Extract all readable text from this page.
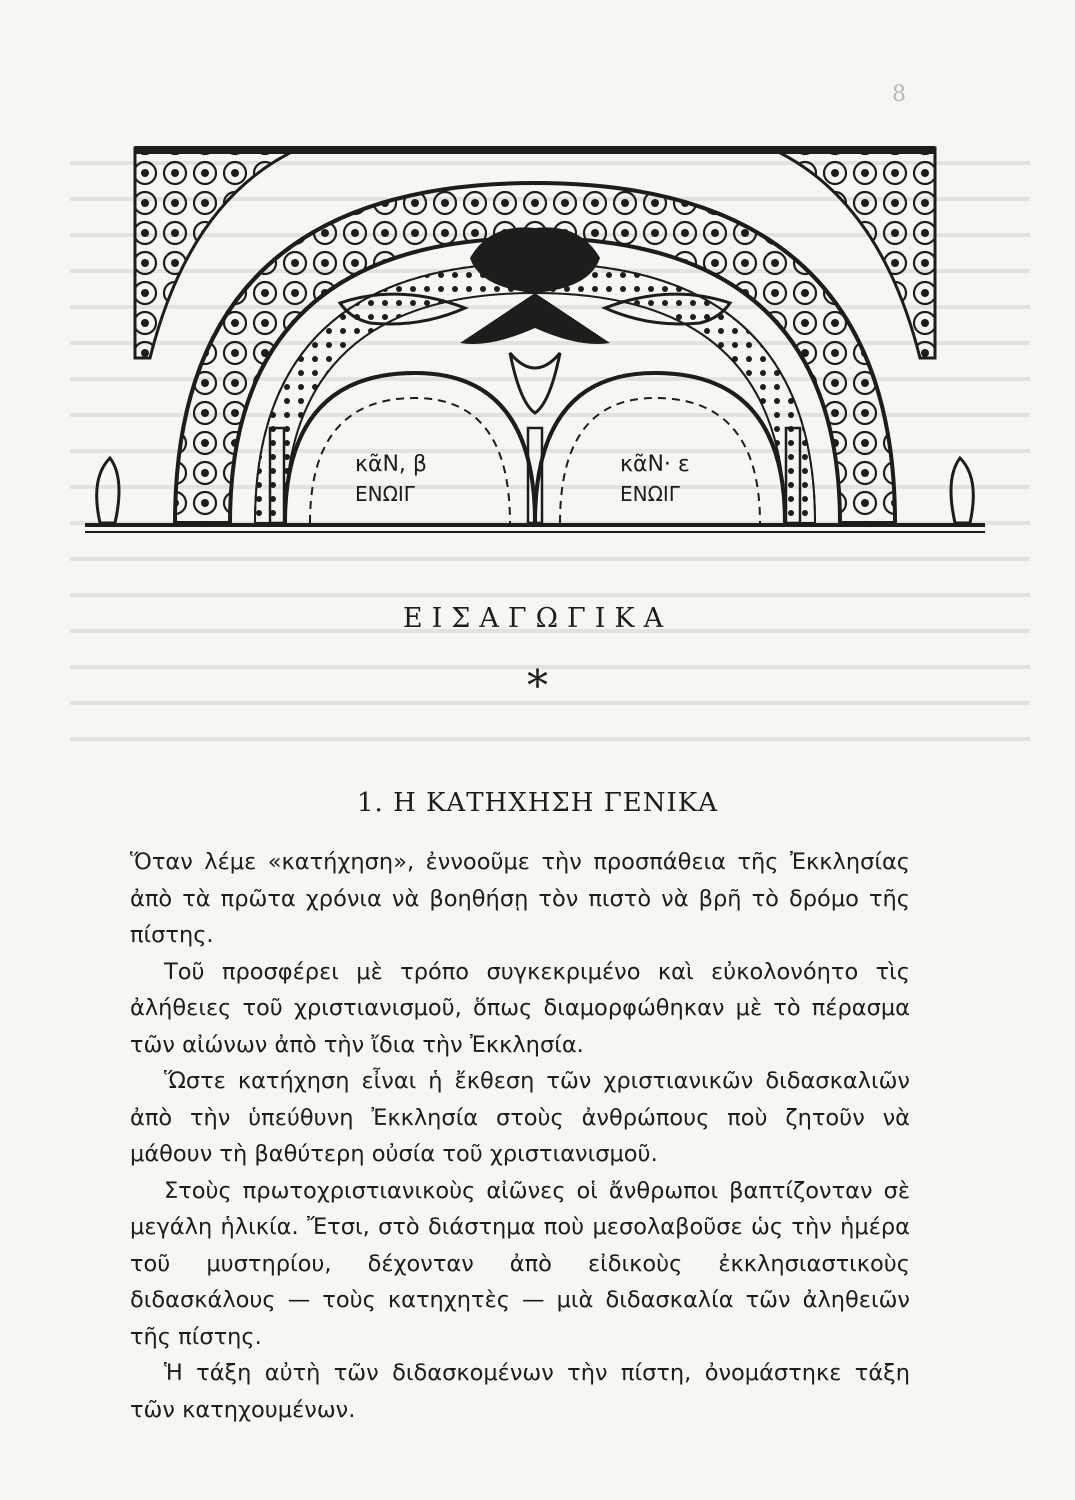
8
κα̃Ν, β
ΕΝΩΙΓ
κα̃Ν· ε
ΕΝΩΙΓ
ΕΙΣΑΓΩΓΙΚΑ
*
1. Η ΚΑΤΗΧΗΣΗ ΓΕΝΙΚΑ

Ὅταν λέμε «κατήχηση», ἐννοοῦμε τὴν προσπάθεια τῆς Ἐκκλησίας ἀπὸ τὰ πρῶτα χρόνια νὰ βοηθήσῃ τὸν πιστὸ νὰ βρῆ τὸ δρόμο τῆς πίστης.

Τοῦ προσφέρει μὲ τρόπο συγκεκριμένο καὶ εὐκολονόητο τὶς ἀλήθειες τοῦ χριστιανισμοῦ, ὅπως διαμορφώθηκαν μὲ τὸ πέρασμα τῶν αἰώνων ἀπὸ τὴν ἴδια τὴν Ἐκκλησία.

Ὥστε κατήχηση εἶναι ἡ ἔκθεση τῶν χριστιανικῶν διδασκαλιῶν ἀπὸ τὴν ὑπεύθυνη Ἐκκλησία στοὺς ἀνθρώπους ποὺ ζητοῦν νὰ μάθουν τὴ βαθύτερη οὐσία τοῦ χριστιανισμοῦ.

Στοὺς πρωτοχριστιανικοὺς αἰῶνες οἱ ἄνθρωποι βαπτίζονταν σὲ μεγάλη ἡλικία. Ἔτσι, στὸ διάστημα ποὺ μεσολαβοῦσε ὡς τὴν ἡμέρα τοῦ μυστηρίου, δέχονταν ἀπὸ εἰδικοὺς ἐκκλησιαστικοὺς διδασκάλους — τοὺς κατηχητὲς — μιὰ διδασκαλία τῶν ἀληθειῶν τῆς πίστης.

Ἡ τάξη αὐτὴ τῶν διδασκομένων τὴν πίστη, ὀνομάστηκε τάξη τῶν κατηχουμένων.
